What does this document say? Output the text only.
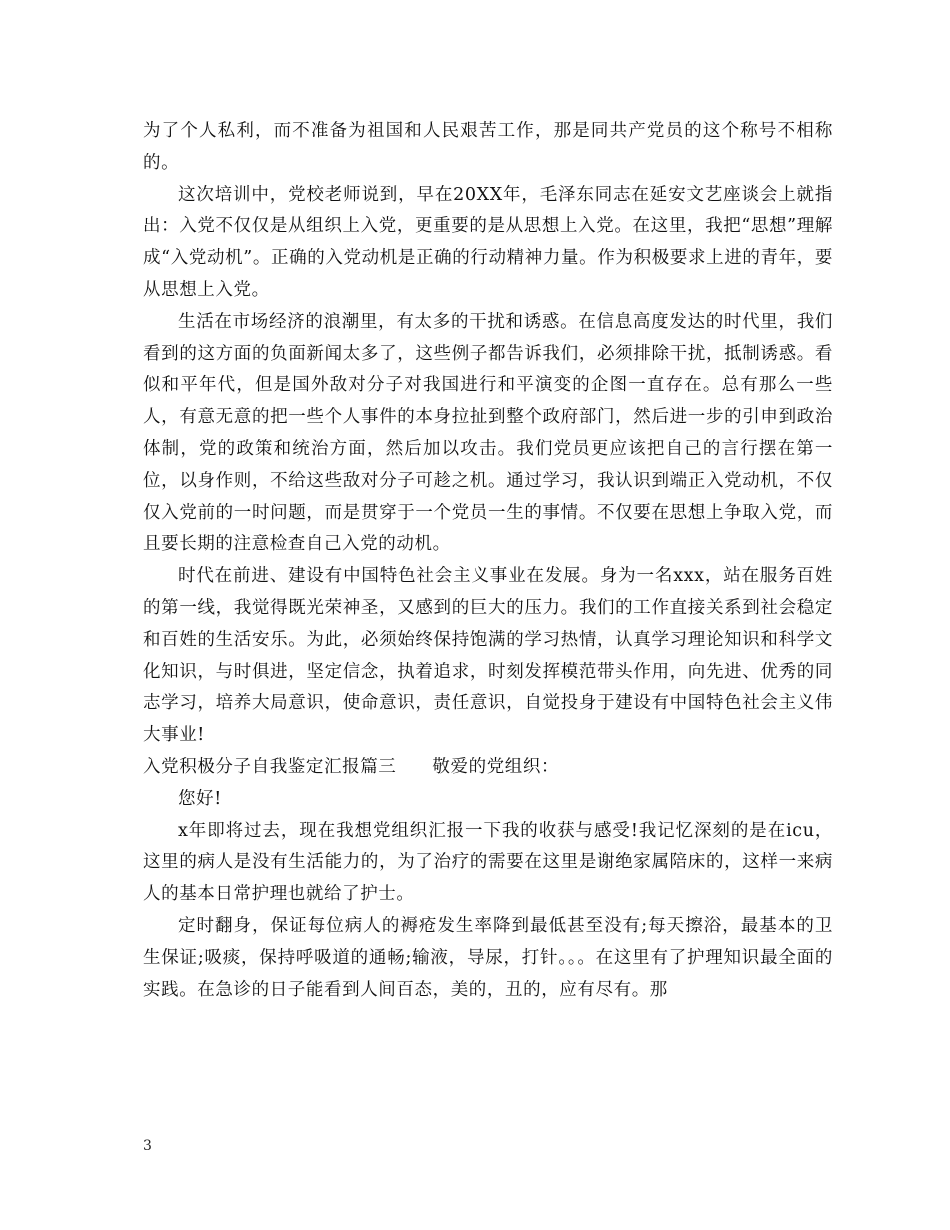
为了个人私利，而不准备为祖国和人民艰苦工作，那是同共产党员的这个称号不相称的。

这次培训中，党校老师说到，早在20XX年，毛泽东同志在延安文艺座谈会上就指出：入党不仅仅是从组织上入党，更重要的是从思想上入党。在这里，我把“思想”理解成“入党动机”。正确的入党动机是正确的行动精神力量。作为积极要求上进的青年，要从思想上入党。

生活在市场经济的浪潮里，有太多的干扰和诱惑。在信息高度发达的时代里，我们看到的这方面的负面新闻太多了，这些例子都告诉我们，必须排除干扰，抵制诱惑。看似和平年代，但是国外敌对分子对我国进行和平演变的企图一直存在。总有那么一些人，有意无意的把一些个人事件的本身拉扯到整个政府部门，然后进一步的引申到政治体制，党的政策和统治方面，然后加以攻击。我们党员更应该把自己的言行摆在第一位，以身作则，不给这些敌对分子可趁之机。通过学习，我认识到端正入党动机，不仅仅入党前的一时问题，而是贯穿于一个党员一生的事情。不仅要在思想上争取入党，而且要长期的注意检查自己入党的动机。

时代在前进、建设有中国特色社会主义事业在发展。身为一名xxx，站在服务百姓的第一线，我觉得既光荣神圣，又感到的巨大的压力。我们的工作直接关系到社会稳定和百姓的生活安乐。为此，必须始终保持饱满的学习热情，认真学习理论知识和科学文化知识，与时俱进，坚定信念，执着追求，时刻发挥模范带头作用，向先进、优秀的同志学习，培养大局意识，使命意识，责任意识，自觉投身于建设有中国特色社会主义伟大事业!

入党积极分子自我鉴定汇报篇三 敬爱的党组织：

您好!

x年即将过去，现在我想党组织汇报一下我的收获与感受!我记忆深刻的是在icu，这里的病人是没有生活能力的，为了治疗的需要在这里是谢绝家属陪床的，这样一来病人的基本日常护理也就给了护士。

定时翻身，保证每位病人的褥疮发生率降到最低甚至没有;每天擦浴，最基本的卫生保证;吸痰，保持呼吸道的通畅;输液，导尿，打针。。。在这里有了护理知识最全面的实践。在急诊的日子能看到人间百态，美的，丑的，应有尽有。那

3
